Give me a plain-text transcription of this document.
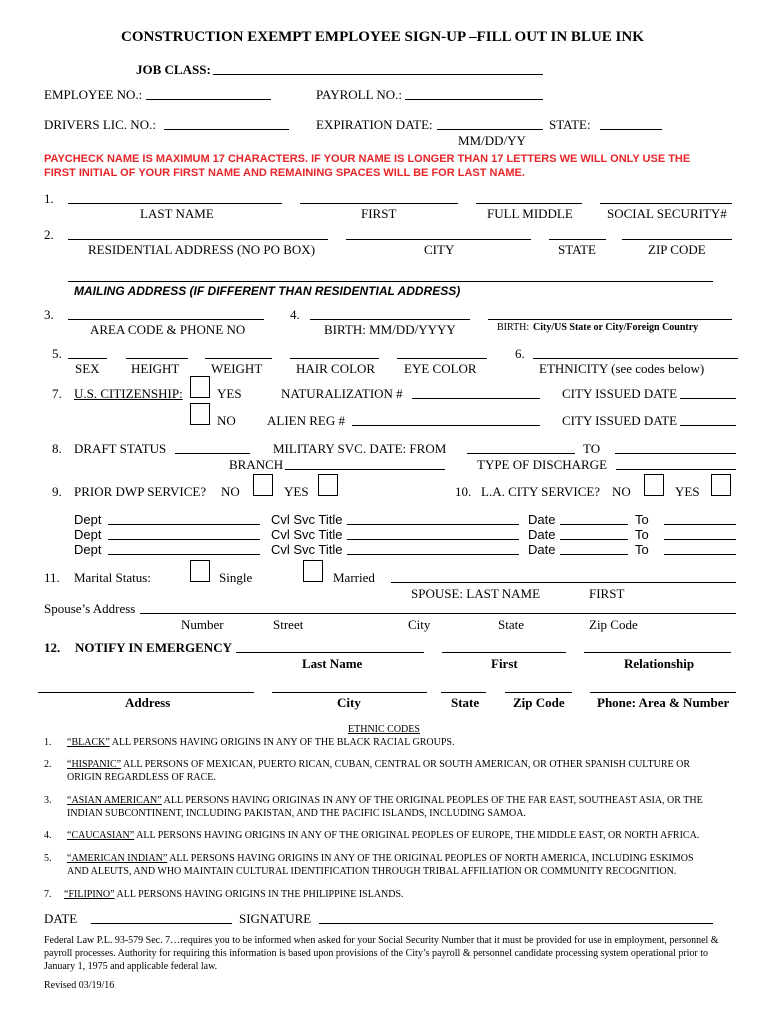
CONSTRUCTION EXEMPT EMPLOYEE SIGN-UP –FILL OUT IN BLUE INK
JOB CLASS:
EMPLOYEE NO.:	PAYROLL NO.:
DRIVERS LIC. NO.:	EXPIRATION DATE:
MM/DD/YY
STATE:
PAYCHECK NAME IS MAXIMUM 17 CHARACTERS. IF YOUR NAME IS LONGER THAN 17 LETTERS WE WILL ONLY USE THE
FIRST INITIAL OF YOUR FIRST NAME AND REMAINING SPACES WILL BE FOR LAST NAME.
1.
LAST NAME	FIRST	FULL MIDDLE	SOCIAL SECURITY#
2.
RESIDENTIAL ADDRESS (NO PO BOX)	CITY	STATE	ZIP CODE
MAILING ADDRESS (IF DIFFERENT THAN RESIDENTIAL ADDRESS)
3.
AREA CODE & PHONE NO
4.
BIRTH: MM/DD/YYYY	BIRTH: City/US State or City/Foreign Country
5.	6.
SEX HEIGHT WEIGHT	HAIR COLOR EYE COLOR	ETHNICITY (see codes below)
7. U.S. CITIZENSHIP:	YES	NATURALIZATION #	CITY ISSUED DATE
NO ALIEN REG #	CITY ISSUED DATE
8. DRAFT STATUS	MILITARY SVC. DATE: FROM	TO
BRANCH	TYPE OF DISCHARGE
9. PRIOR DWP SERVICE? NO	YES	10. L.A. CITY SERVICE? NO	YES
Dept	Cvl Svc Title	Date	To
Dept	Cvl Svc Title	Date	To
Dept	Cvl Svc Title	Date	To
11. Marital Status:	Single	Married
SPOUSE: LAST NAME	FIRST
Spouse’s Address
Number	Street	City	State	Zip Code
12. NOTIFY IN EMERGENCY
Last Name	First	Relationship
Address	City	State	Zip Code Phone: Area & Number
ETHNIC CODES
1. “BLACK” ALL PERSONS HAVING ORIGINS IN ANY OF THE BLACK RACIAL GROUPS.
2. “HISPANIC” ALL PERSONS OF MEXICAN, PUERTO RICAN, CUBAN, CENTRAL OR SOUTH AMERICAN, OR OTHER SPANISH CULTURE OR
ORIGIN REGARDLESS OF RACE.
3. “ASIAN AMERICAN” ALL PERSONS HAVING ORIGINAS IN ANY OF THE ORIGINAL PEOPLES OF THE FAR EAST, SOUTHEAST ASIA, OR THE
INDIAN SUBCONTINENT, INCLUDING PAKISTAN, AND THE PACIFIC ISLANDS, INCLUDING SAMOA.
4. “CAUCASIAN” ALL PERSONS HAVING ORIGINS IN ANY OF THE ORIGINAL PEOPLES OF EUROPE, THE MIDDLE EAST, OR NORTH AFRICA.
5. “AMERICAN INDIAN” ALL PERSONS HAVING ORIGINS IN ANY OF THE ORIGINAL PEOPLES OF NORTH AMERICA, INCLUDING ESKIMOS
AND ALEUTS, AND WHO MAINTAIN CULTURAL IDENTIFICATION THROUGH TRIBAL AFFILIATION OR COMMUNITY RECOGNITION.
7. “FILIPINO” ALL PERSONS HAVING ORIGINS IN THE PHILIPPINE ISLANDS.
DATE	SIGNATURE
Federal Law P.L. 93-579 Sec. 7…requires you to be informed when asked for your Social Security Number that it must be provided for use in employment, personnel &
payroll processes. Authority for requiring this information is based upon provisions of the City’s payroll & personnel candidate processing system operational prior to
January 1, 1975 and applicable federal law.
Revised 03/19/16
